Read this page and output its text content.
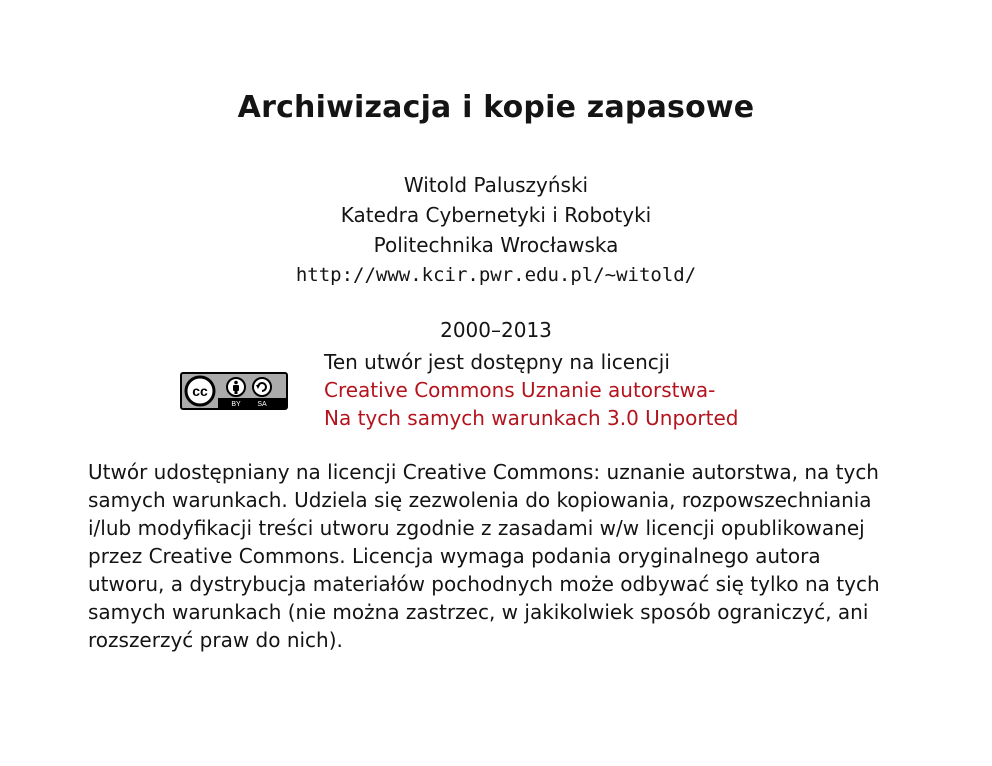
Archiwizacja i kopie zapasowe
Witold Paluszyński
Katedra Cybernetyki i Robotyki
Politechnika Wrocławska
http://www.kcir.pwr.edu.pl/~witold/
2000–2013
cc
BY SA
Ten utwór jest dostępny na licencji
Creative Commons Uznanie autorstwa-
Na tych samych warunkach 3.0 Unported

Utwór udostępniany na licencji Creative Commons: uznanie autorstwa, na tych

samych warunkach. Udziela się zezwolenia do kopiowania, rozpowszechniania

i/lub modyfikacji treści utworu zgodnie z zasadami w/w licencji opublikowanej

przez Creative Commons. Licencja wymaga podania oryginalnego autora

utworu, a dystrybucja materiałów pochodnych może odbywać się tylko na tych

samych warunkach (nie można zastrzec, w jakikolwiek sposób ograniczyć, ani

rozszerzyć praw do nich).
